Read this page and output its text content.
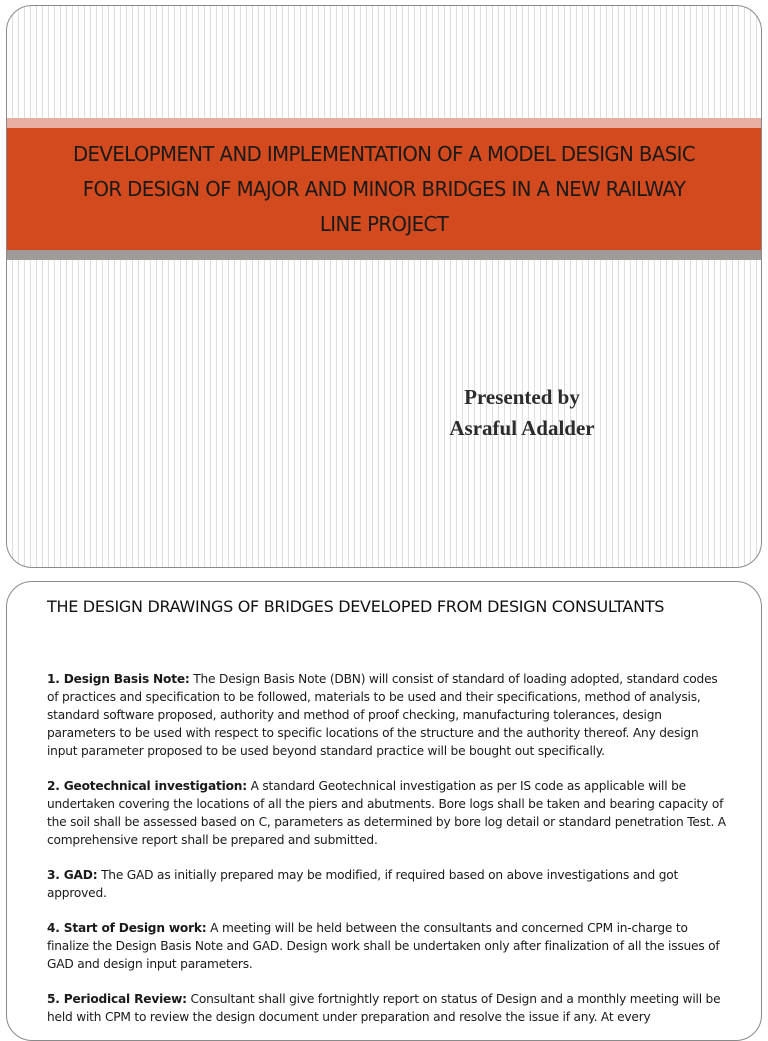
DEVELOPMENT AND IMPLEMENTATION OF A MODEL DESIGN BASIC FOR DESIGN OF MAJOR AND MINOR BRIDGES IN A NEW RAILWAY LINE PROJECT
Presented by
Asraful Adalder
THE DESIGN DRAWINGS OF BRIDGES DEVELOPED FROM DESIGN CONSULTANTS

1. Design Basis Note: The Design Basis Note (DBN) will consist of standard of loading adopted, standard codes of practices and specification to be followed, materials to be used and their specifications, method of analysis, standard software proposed, authority and method of proof checking, manufacturing tolerances, design parameters to be used with respect to specific locations of the structure and the authority thereof. Any design input parameter proposed to be used beyond standard practice will be bought out specifically.

2. Geotechnical investigation: A standard Geotechnical investigation as per IS code as applicable will be undertaken covering the locations of all the piers and abutments. Bore logs shall be taken and bearing capacity of the soil shall be assessed based on C, parameters as determined by bore log detail or standard penetration Test. A comprehensive report shall be prepared and submitted.

3. GAD: The GAD as initially prepared may be modified, if required based on above investigations and got approved.

4. Start of Design work: A meeting will be held between the consultants and concerned CPM in-charge to finalize the Design Basis Note and GAD. Design work shall be undertaken only after finalization of all the issues of GAD and design input parameters.

5. Periodical Review: Consultant shall give fortnightly report on status of Design and a monthly meeting will be held with CPM to review the design document under preparation and resolve the issue if any. At every
